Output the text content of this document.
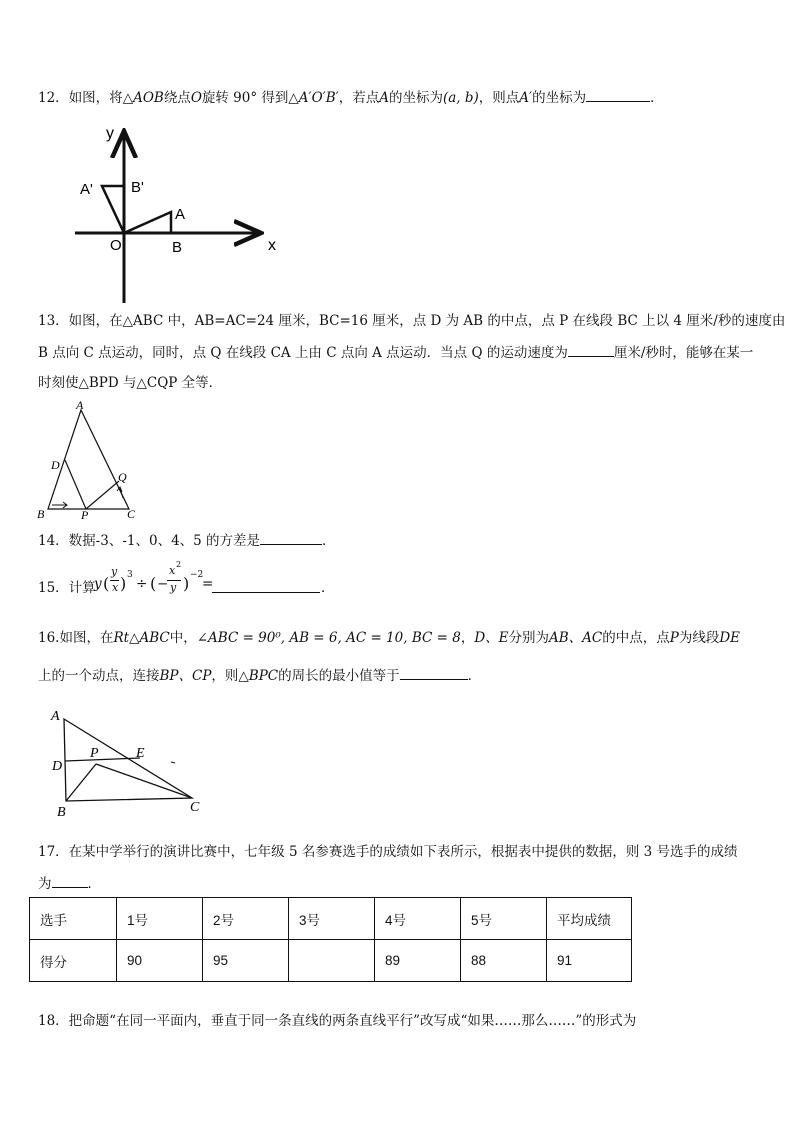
12．如图，将△AOB绕点O旋转 90° 得到△A′O′B′，若点A的坐标为(a, b)，则点A′的坐标为	．
y
x
A'	B'
A
O	B
13．如图，在△ABC 中，AB=AC=24 厘米，BC=16 厘米，点 D 为 AB 的中点，点 P 在线段 BC 上以 4 厘米/秒的速度由
B 点向 C 点运动，同时，点 Q 在线段 CA 上由 C 点向 A 点运动．当点 Q 的运动速度为	厘米/秒时，能够在某一
时刻使△BPD 与△CQP 全等．
A
D
Q
B	P	C
14．数据-3、-1、0、4、5 的方差是	．
15．计算
y (
y
x ) 3
÷ ( −
x 2
y ) −2
=	．
16.如图，在Rt△ABC中，∠ABC = 90⁰, AB = 6, AC = 10, BC = 8，D、E分别为AB、AC的中点，点P为线段DE
上的一个动点，连接BP、CP，则△BPC的周长的最小值等于	．
A
P	E
D
B	C
17．在某中学举行的演讲比赛中，七年级 5 名参赛选手的成绩如下表所示，根据表中提供的数据，则 3 号选手的成绩
为	．
选手	1号	2号	3号	4号	5号	平均成绩
得分	90	95		89	88	91
18．把命题“在同一平面内，垂直于同一条直线的两条直线平行”改写成“如果……那么……”的形式为
